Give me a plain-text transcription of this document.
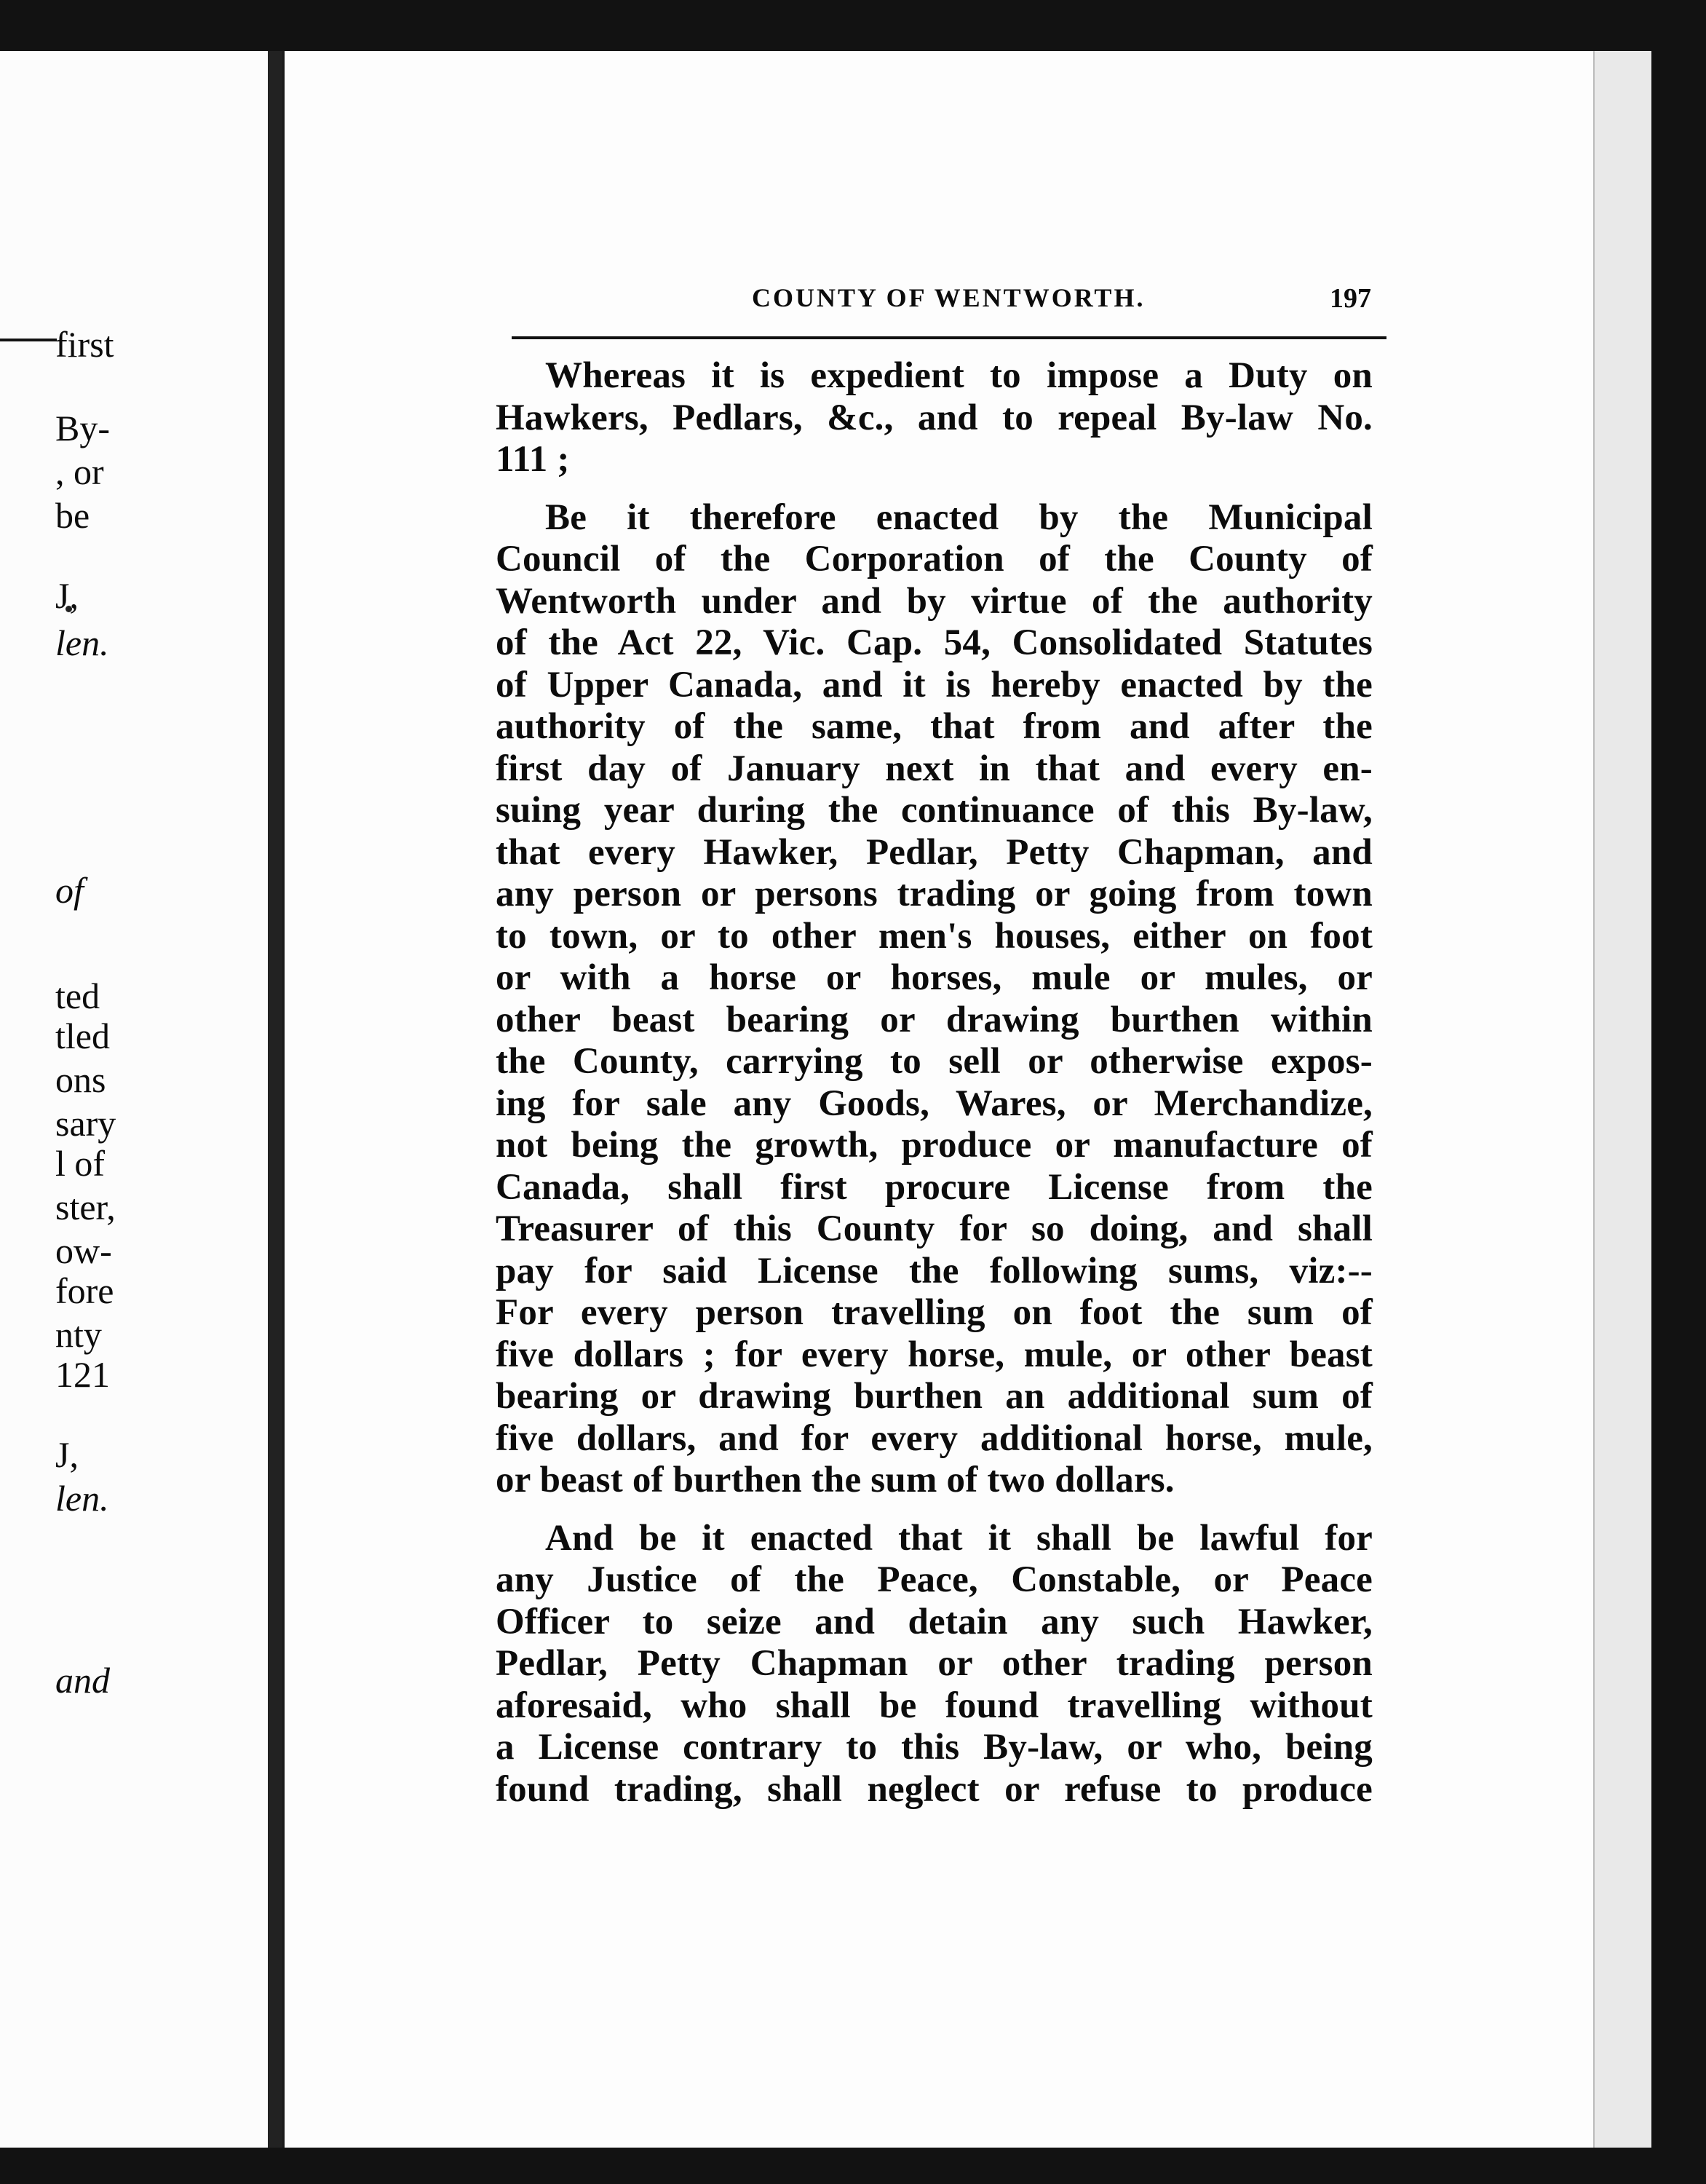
first
By-
, or
be
J,
len.
of
ted
tled
ons
sary
l of
ster,
ow-
fore
nty
121
J,
len.
and
COUNTY OF WENTWORTH.	197
Whereas it is expedient to impose a Duty on
Hawkers, Pedlars, &c., and to repeal By-law No.
111 ;
Be it therefore enacted by the Municipal
Council of the Corporation of the County of
Wentworth under and by virtue of the authority
of the Act 22, Vic. Cap. 54, Consolidated Statutes
of Upper Canada, and it is hereby enacted by the
authority of the same, that from and after the
first day of January next in that and every en-
suing year during the continuance of this By-law,
that every Hawker, Pedlar, Petty Chapman, and
any person or persons trading or going from town
to town, or to other men's houses, either on foot
or with a horse or horses, mule or mules, or
other beast bearing or drawing burthen within
the County, carrying to sell or otherwise expos-
ing for sale any Goods, Wares, or Merchandize,
not being the growth, produce or manufacture of
Canada, shall first procure License from the
Treasurer of this County for so doing, and shall
pay for said License the following sums, viz:--
For every person travelling on foot the sum of
five dollars ; for every horse, mule, or other beast
bearing or drawing burthen an additional sum of
five dollars, and for every additional horse, mule,
or beast of burthen the sum of two dollars.
And be it enacted that it shall be lawful for
any Justice of the Peace, Constable, or Peace
Officer to seize and detain any such Hawker,
Pedlar, Petty Chapman or other trading person
aforesaid, who shall be found travelling without
a License contrary to this By-law, or who, being
found trading, shall neglect or refuse to produce
